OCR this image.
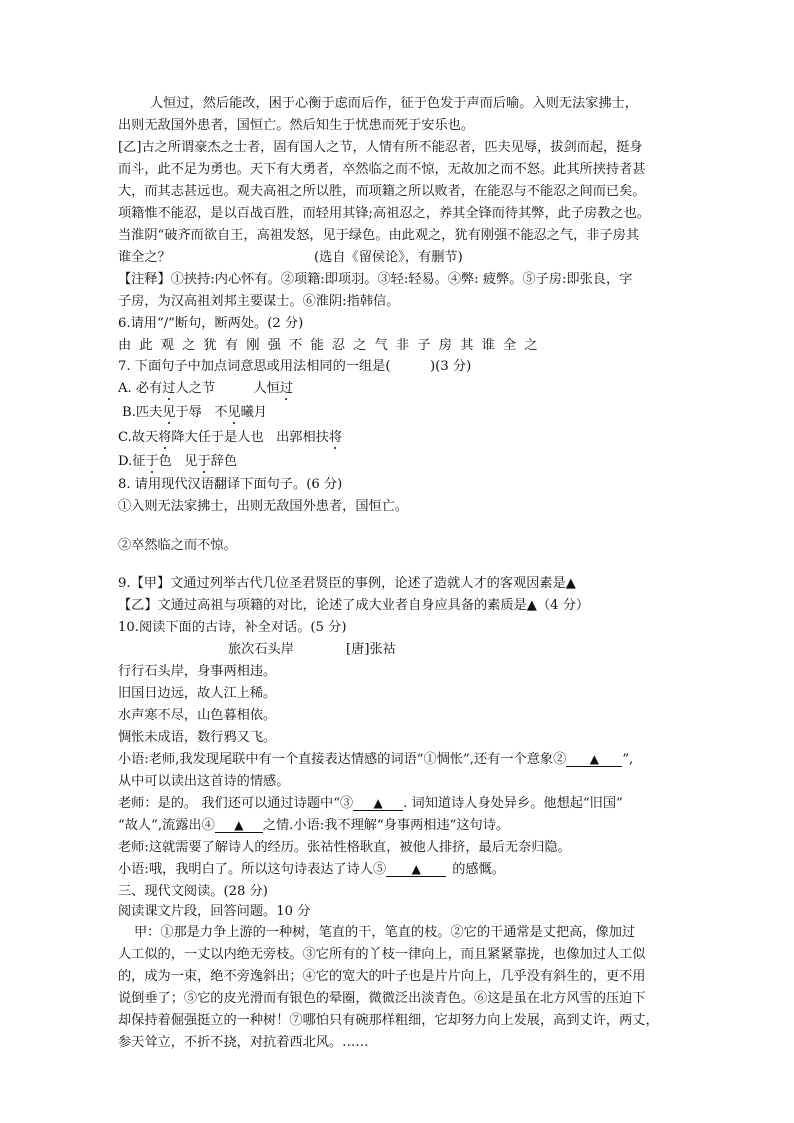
人恒过，然后能改，困于心衡于虑而后作，征于色发于声而后喻。入则无法家拂士，
出则无敌国外患者，国恒亡。然后知生于忧患而死于安乐也。
[乙]古之所谓豪杰之士者，固有国人之节，人情有所不能忍者，匹夫见辱，拔剑而起，挺身
而斗，此不足为勇也。天下有大勇者，卒然临之而不惊，无故加之而不怒。此其所挟持者甚
大，而其志甚远也。观夫高祖之所以胜，而项籍之所以败者，在能忍与不能忍之间而已矣。
项籍惟不能忍，是以百战百胜，而轻用其锋;高祖忍之，养其全锋而待其弊，此子房教之也。
当淮阴“破齐而欲自王，高祖发怒，见于绿色。由此观之，犹有刚强不能忍之气，非子房其
谁全之？	(选自《留侯论》，有删节)
【注释】①挟持:内心怀有。②项籍:即项羽。③轻:轻易。④弊: 疲弊。⑤子房:即张良，字
子房，为汉高祖刘邦主要谋士。⑥淮阴:指韩信。
6.请用“/”断句，断两处。(2 分)
由此观之犹有刚强不能忍之气非子房其谁全之
7. 下面句子中加点词意思或用法相同的一组是(　　　)(3 分)
A. 必有过人之节	人恒过
B.匹夫见于辱 不见曦月
C.故天将降大任于是人也 出郭相扶将
D.征于色 见于辞色
8. 请用现代汉语翻译下面句子。(6 分)
①入则无法家拂士，出则无敌国外患者，国恒亡。
②卒然临之而不惊。
9.【甲】文通过列举古代几位圣君贤臣的事例，论述了造就人才的客观因素是▲
【乙】文通过高祖与项籍的对比，论述了成大业者自身应具备的素质是▲（4 分）
10.阅读下面的古诗，补全对话。(5 分)
旅次石头岸	[唐]张祜
行行石头岸，身事两相违。
旧国日边远，故人江上稀。
水声寒不尽，山色暮相依。
惆怅未成语，数行鸦又飞。
小语:老师,我发现尾联中有一个直接表达情感的词语“①惆怅”,还有一个意象② ▲ ”,
从中可以读出这首诗的情感。
老师：是的。 我们还可以通过诗题中“③ ▲ . 词知道诗人身处异乡。他想起“旧国”
“故人”,流露出④ ▲ 之情.小语:我不理解“身事两相违”这句诗。
老师:这就需要了解诗人的经历。张祜性格耿直，被他人排挤，最后无奈归隐。
小语:哦，我明白了。所以这句诗表达了诗人⑤ ▲ 的感慨。
三、现代文阅读。(28 分)
阅读课文片段，回答问题。10 分
甲：①那是力争上游的一种树，笔直的干，笔直的枝。②它的干通常是丈把高，像加过
人工似的，一丈以内绝无旁枝。③它所有的丫枝一律向上，而且紧紧靠拢，也像加过人工似
的，成为一束，绝不旁逸斜出；④它的宽大的叶子也是片片向上，几乎没有斜生的，更不用
说倒垂了；⑤它的皮光滑而有银色的晕圈，微微泛出淡青色。⑥这是虽在北方风雪的压迫下
却保持着倔强挺立的一种树！⑦哪怕只有碗那样粗细，它却努力向上发展，高到丈许，两丈，
参天耸立，不折不挠，对抗着西北风。……
